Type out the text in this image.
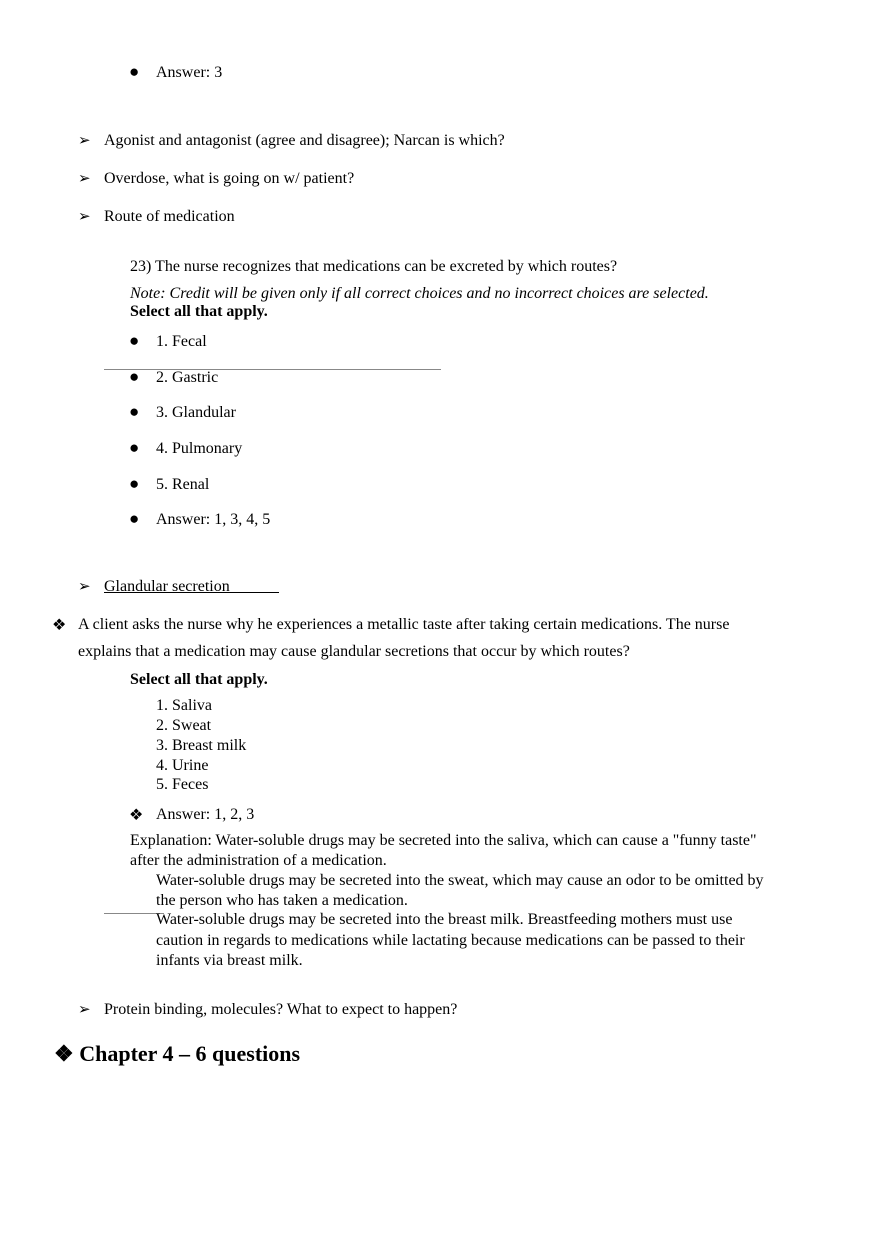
● Answer: 3
➢ Agonist and antagonist (agree and disagree); Narcan is which?
➢ Overdose, what is going on w/ patient?
➢ Route of medication
23) The nurse recognizes that medications can be excreted by which routes?
Note: Credit will be given only if all correct choices and no incorrect choices are selected.
Select all that apply.
● 1. Fecal
● 2. Gastric
● 3. Glandular
● 4. Pulmonary
● 5. Renal
● Answer: 1, 3, 4, 5
➢ Glandular secretion
❖ A client asks the nurse why he experiences a metallic taste after taking certain medications. The nurse
explains that a medication may cause glandular secretions that occur by which routes?
Select all that apply.
1. Saliva
2. Sweat
3. Breast milk
4. Urine
5. Feces
❖ Answer: 1, 2, 3
Explanation: Water-soluble drugs may be secreted into the saliva, which can cause a "funny taste"
after the administration of a medication.
Water-soluble drugs may be secreted into the sweat, which may cause an odor to be omitted by
the person who has taken a medication.
Water-soluble drugs may be secreted into the breast milk. Breastfeeding mothers must use
caution in regards to medications while lactating because medications can be passed to their
infants via breast milk.
➢ Protein binding, molecules? What to expect to happen?
❖ Chapter 4 – 6 questions
